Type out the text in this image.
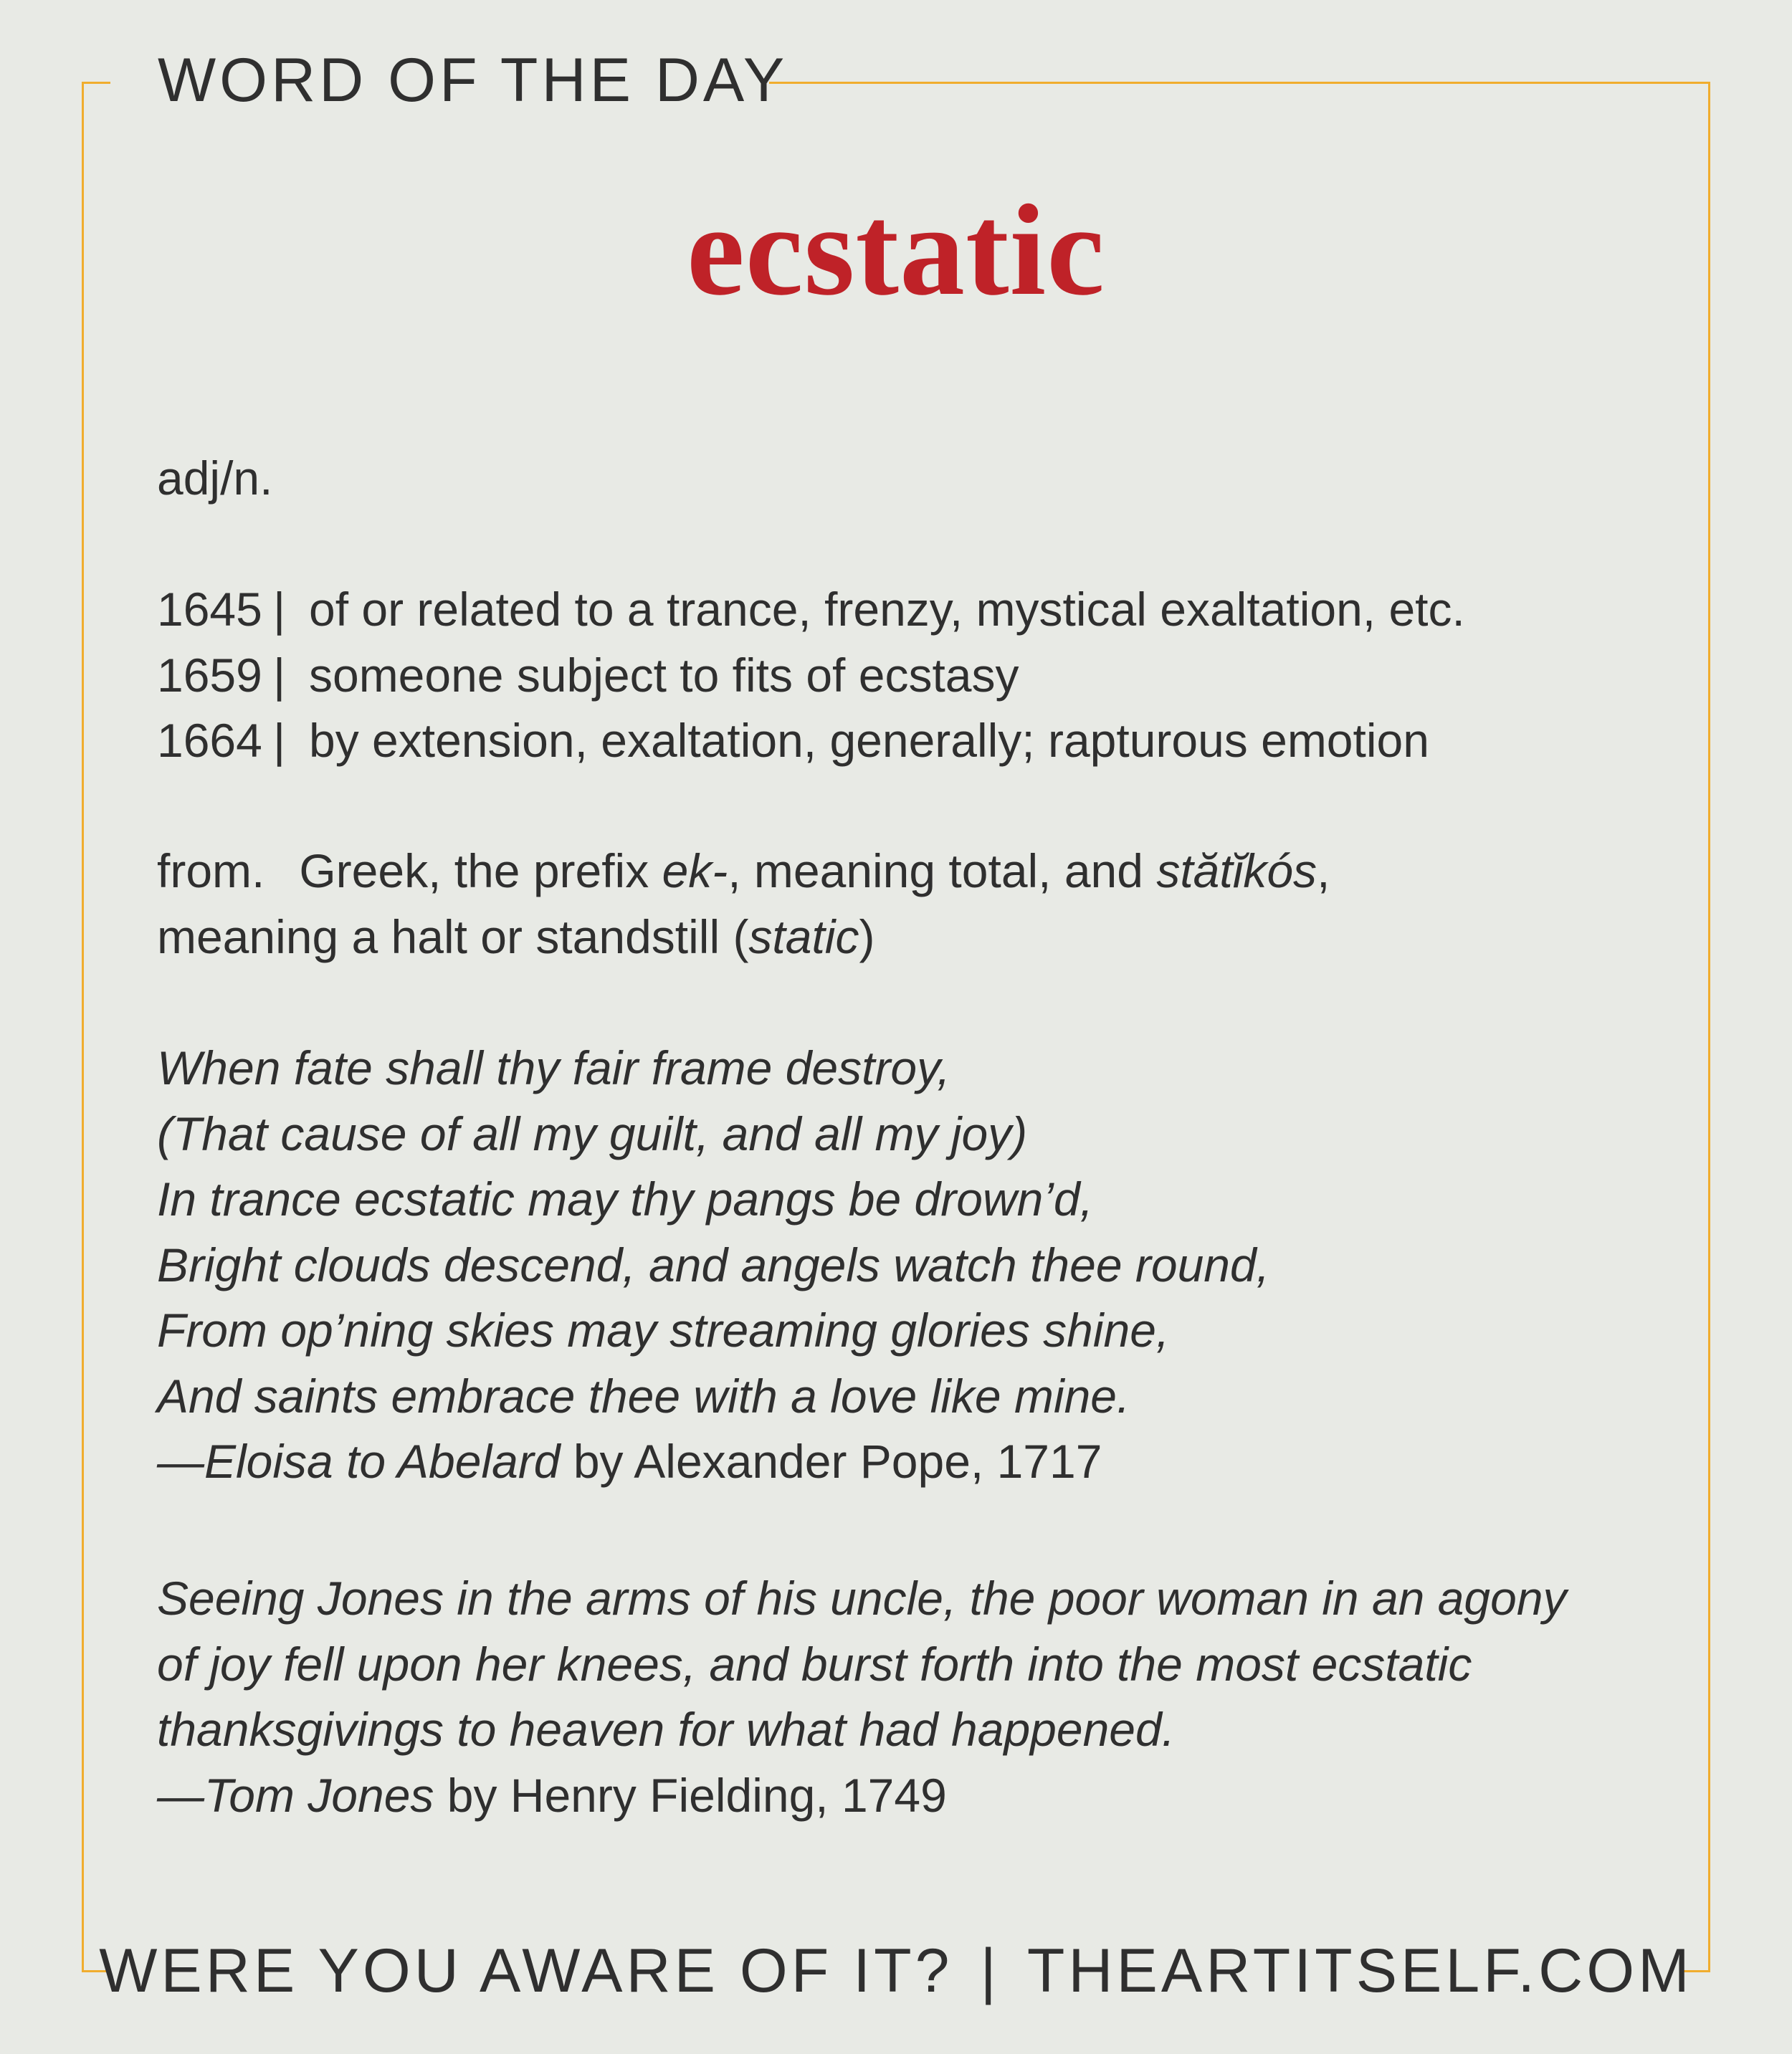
WORD OF THE DAY
ecstatic
adj/n.
1645 | of or related to a trance, frenzy, mystical exaltation, etc.
1659 | someone subject to fits of ecstasy
1664 | by extension, exaltation, generally; rapturous emotion
from. Greek, the prefix ek-, meaning total, and stătĭkós,
meaning a halt or standstill (static)
When fate shall thy fair frame destroy,
(That cause of all my guilt, and all my joy)
In trance ecstatic may thy pangs be drown’d,
Bright clouds descend, and angels watch thee round,
From op’ning skies may streaming glories shine,
And saints embrace thee with a love like mine.
—Eloisa to Abelard by Alexander Pope, 1717
Seeing Jones in the arms of his uncle, the poor woman in an agony
of joy fell upon her knees, and burst forth into the most ecstatic
thanksgivings to heaven for what had happened.
—Tom Jones by Henry Fielding, 1749
WERE YOU AWARE OF IT? | THEARTITSELF.COM
